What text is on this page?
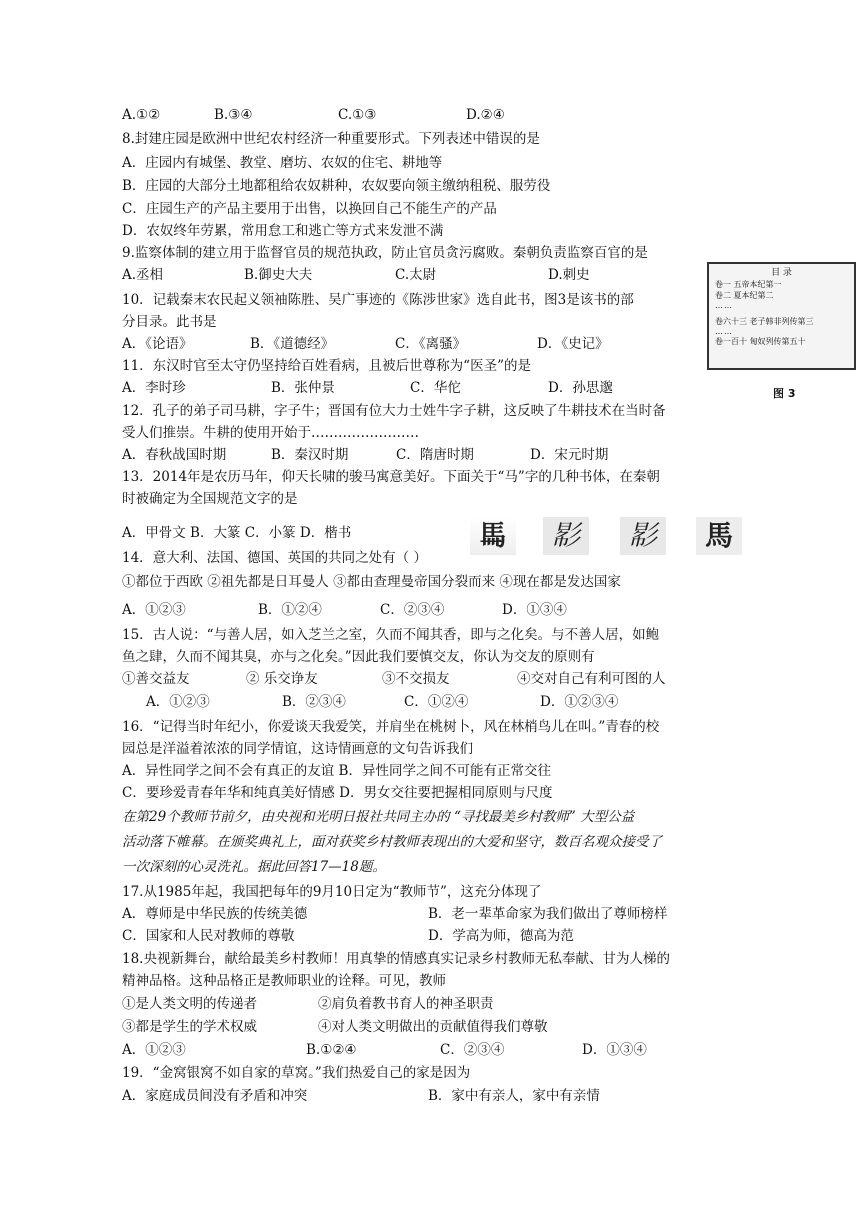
8.封建庄园是欧洲中世纪农村经济一种重要形式。下列表述中错误的是
A．庄园内有城堡、教堂、磨坊、农奴的住宅、耕地等
B．庄园的大部分土地都租给农奴耕种，农奴要向领主缴纳租税、服劳役
C．庄园生产的产品主要用于出售，以换回自己不能生产的产品
D．农奴终年劳累，常用怠工和逃亡等方式来发泄不满
9.监察体制的建立用于监督官员的规范执政，防止官员贪污腐败。秦朝负责监察百官的是
10．记载秦末农民起义领袖陈胜、吴广事迹的《陈涉世家》选自此书，图3是该书的部
分目录。此书是
11．东汉时官至太守仍坚持给百姓看病，且被后世尊称为“医圣”的是
12．孔子的弟子司马耕，字子牛；晋国有位大力士姓牛字子耕，这反映了牛耕技术在当时备
受人们推崇。牛耕的使用开始于……………………
13．2014年是农历马年，仰天长啸的骏马寓意美好。下面关于“马”字的几种书体，在秦朝
时被确定为全国规范文字的是
14．意大利、法国、德国、英国的共同之处有（ ）
①都位于西欧 ②祖先都是日耳曼人 ③都由查理曼帝国分裂而来 ④现在都是发达国家
15．古人说：“与善人居，如入芝兰之室，久而不闻其香，即与之化矣。与不善人居，如鲍
鱼之肆，久而不闻其臭，亦与之化矣。”因此我们要慎交友，你认为交友的原则有
16．“记得当时年纪小，你爱谈天我爱笑，并肩坐在桃树卜，风在林梢鸟儿在叫。”青春的校
园总是洋溢着浓浓的同学情谊，这诗情画意的文句告诉我们
A．异性同学之间不会有真正的友谊 B．异性同学之间不可能有正常交往
C．要珍爱青春年华和纯真美好情感 D．男女交往要把握相同原则与尺度
17.从1985年起，我国把每年的9月10日定为“教师节”，这充分体现了
18.央视新舞台，献给最美乡村教师！用真挚的情感真实记录乡村教师无私奉献、甘为人梯的
精神品格。这种品格正是教师职业的诠释。可见，教师
19．“金窝银窝不如自家的草窝。”我们热爱自己的家是因为
A.①②	B.③④	C.①③	D.②④
A.丞相	B.御史大夫	C.太尉	D.刺史
A．《论语》	B．《道德经》	C．《离骚》	D．《史记》
A．李时珍	B．张仲景	C．华佗	D．孙思邈
A．春秋战国时期	B．秦汉时期	C．隋唐时期	D．宋元时期
A．甲骨文 B．大篆 C．小篆 D．楷书
A．①②③	B．①②④	C．②③④	D．①③④
①善交益友	② 乐交诤友	③不交损友	④交对自己有利可图的人
A．①②③	B．②③④	C．①②④	D．①②③④
在第29个教师节前夕，由央视和光明日报社共同主办的 “寻找最美乡村教师” 大型公益
活动落下帷幕。在颁奖典礼上，面对获奖乡村教师表现出的大爱和坚守，数百名观众接受了
一次深刻的心灵洗礼。据此回答17—18题。
A．尊师是中华民族的传统美德	B．老一辈革命家为我们做出了尊师榜样
C．国家和人民对教师的尊敬	D．学高为师，德高为范
①是人类文明的传递者	②肩负着教书育人的神圣职责
③都是学生的学术权威	④对人类文明做出的贡献值得我们尊敬
A．①②③	B.①②④	C．②③④	D．①③④
A．家庭成员间没有矛盾和冲突	B．家中有亲人，家中有亲情
目 录
卷一 五帝本纪第一
卷二 夏本纪第二
……
卷六十三 老子韩非列传第三
……
卷一百十 匈奴列传第五十
图 3
𩡧	𢒠	𢒠	馬
